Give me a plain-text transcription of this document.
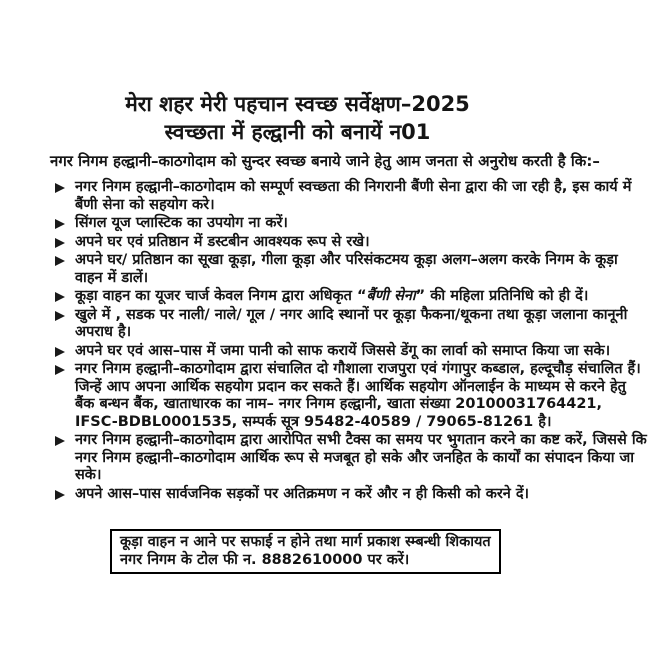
मेरा शहर मेरी पहचान स्वच्छ सर्वेक्षण–2025
स्वच्छता में हल्द्वानी को बनायें न01
नगर निगम हल्द्वानी–काठगोदाम को सुन्दर स्वच्छ बनाये जाने हेतु आम जनता से अनुरोध करती है कि:–
नगर निगम हल्द्वानी–काठगोदाम को सम्पूर्ण स्वच्छता की निगरानी बैंणी सेना द्वारा की जा रही है, इस कार्य में बैंणी सेना को सहयोग करे।
सिंगल यूज प्लास्टिक का उपयोग ना करें।
अपने घर एवं प्रतिष्ठान में डस्टबीन आवश्यक रूप से रखे।
अपने घर/ प्रतिष्ठान का सूखा कूड़ा, गीला कूड़ा और परिसंकटमय कूड़ा अलग–अलग करके निगम के कूड़ा वाहन में डालें।
कूड़ा वाहन का यूजर चार्ज केवल निगम द्वारा अधिकृत “बैंणी सेना” की महिला प्रतिनिधि को ही दें।
खुले में , सडक पर नाली/ नाले/ गूल / नगर आदि स्थानों पर कूड़ा फैकना/थूकना तथा कूड़ा जलाना कानूनी अपराध है।
अपने घर एवं आस–पास में जमा पानी को साफ करायें जिससे डेंगू का लार्वा को समाप्त किया जा सके।
नगर निगम हल्द्वानी–काठगोदाम द्वारा संचालित दो गौशाला राजपुरा एवं गंगापुर कब्डाल, हल्दूचौड़ संचालित हैं। जिन्हें आप अपना आर्थिक सहयोग प्रदान कर सकते हैं। आर्थिक सहयोग ऑनलाईन के माध्यम से करने हेतु बैंक बन्धन बैंक, खाताधारक का नाम– नगर निगम हल्द्वानी, खाता संख्या 20100031764421, IFSC-BDBL0001535, सम्पर्क सूत्र 95482-40589 / 79065-81261 है।
नगर निगम हल्द्वानी–काठगोदाम द्वारा आरोपित सभी टैक्स का समय पर भुगतान करने का कष्ट करें, जिससे कि नगर निगम हल्द्वानी–काठगोदाम आर्थिक रूप से मजबूत हो सके और जनहित के कार्यों का संपादन किया जा सके।
अपने आस–पास सार्वजनिक सड़कों पर अतिक्रमण न करें और न ही किसी को करने दें।
कूड़ा वाहन न आने पर सफाई न होने तथा मार्ग प्रकाश स्म्बन्धी शिकायत
नगर निगम के टोल फी न. 8882610000 पर करें।
